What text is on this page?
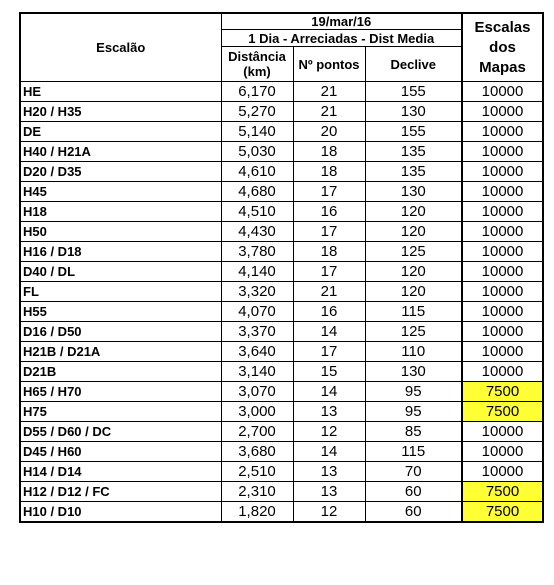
Escalão	19/mar/16			Escalas
dos
Mapas

	1 Dia - Arreciadas - Dist Media			

	Distância
(km)	Nº pontos	Declive	
HE	6,170	21	155	10000
H20 / H35	5,270	21	130	10000
DE	5,140	20	155	10000
H40 / H21A	5,030	18	135	10000
D20 / D35	4,610	18	135	10000
H45	4,680	17	130	10000
H18	4,510	16	120	10000
H50	4,430	17	120	10000
H16 / D18	3,780	18	125	10000
D40 / DL	4,140	17	120	10000
FL	3,320	21	120	10000
H55	4,070	16	115	10000
D16 / D50	3,370	14	125	10000
H21B / D21A	3,640	17	110	10000
D21B	3,140	15	130	10000
H65 / H70	3,070	14	95	7500
H75	3,000	13	95	7500
D55 / D60 / DC	2,700	12	85	10000
D45 / H60	3,680	14	115	10000
H14 / D14	2,510	13	70	10000
H12 / D12 / FC	2,310	13	60	7500
H10 / D10	1,820	12	60	7500
